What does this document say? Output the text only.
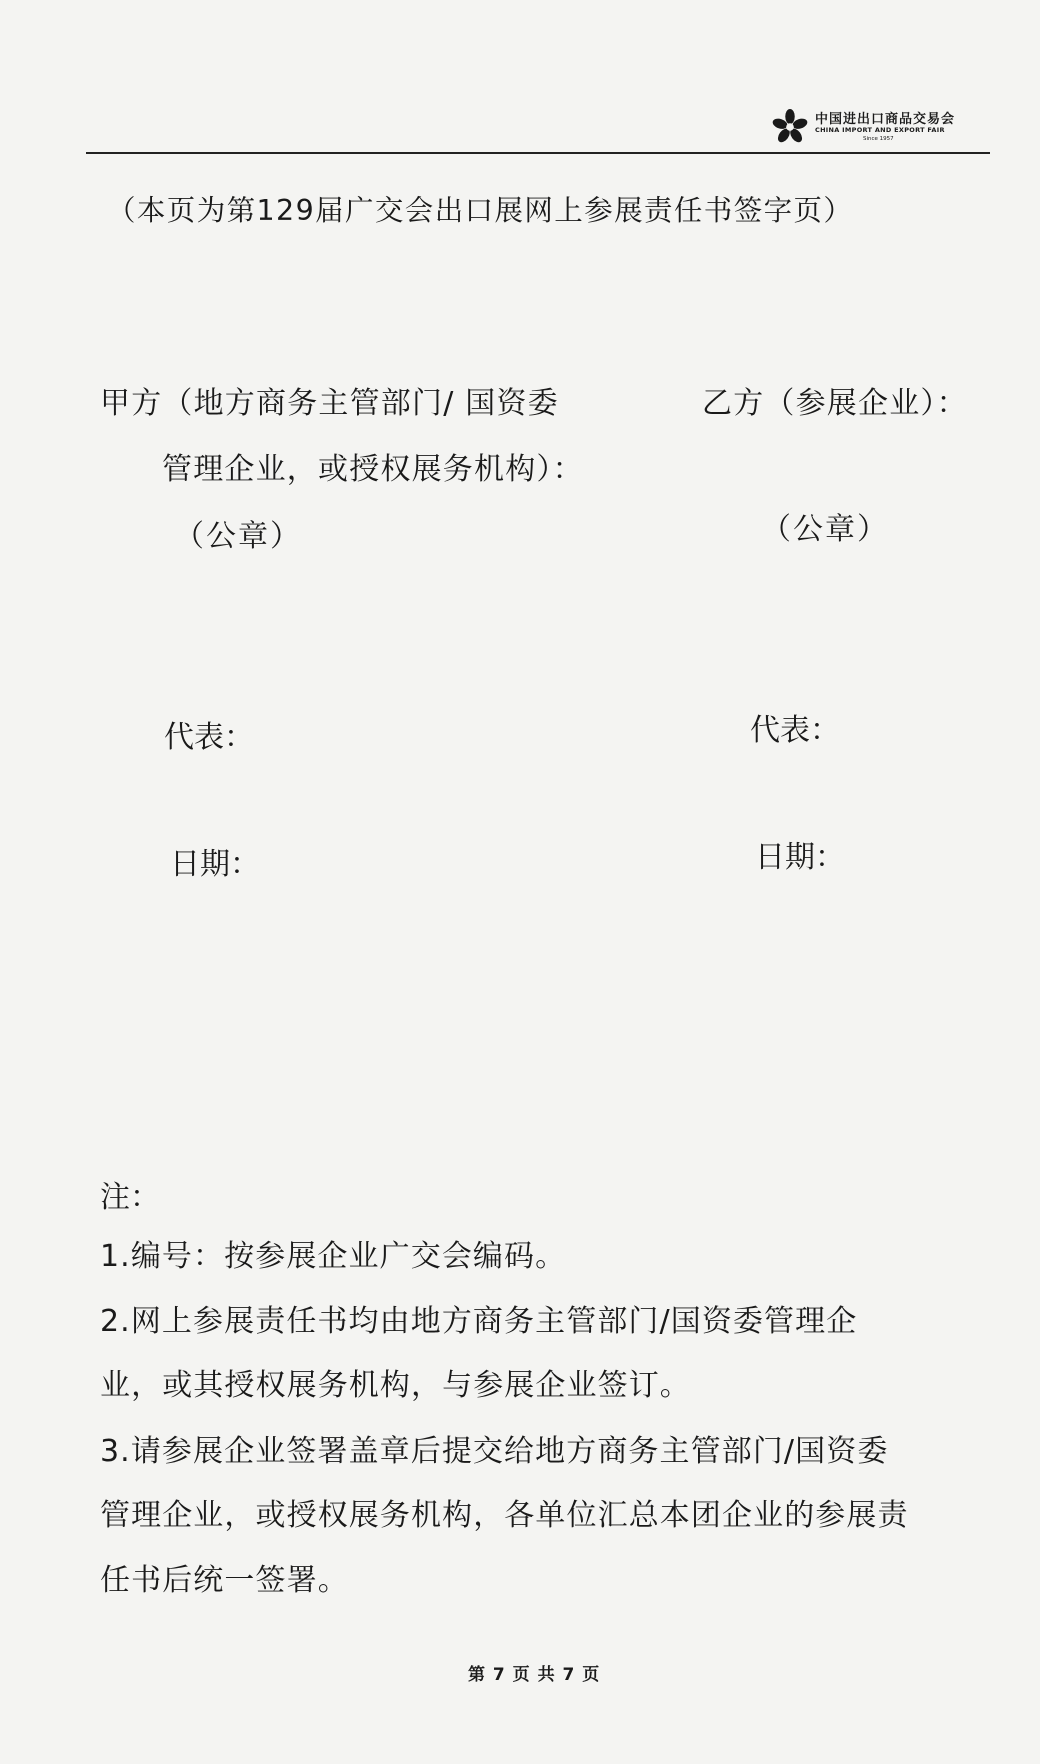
中国进出口商品交易会
CHINA IMPORT AND EXPORT FAIR
Since 1957
（本页为第129届广交会出口展网上参展责任书签字页）
甲方（地方商务主管部门/ 国资委
管理企业，或授权展务机构）：
（公章）
乙方（参展企业）：
（公章）
代表：	代表：
日期：	日期：
注：
1.编号：按参展企业广交会编码。
2.网上参展责任书均由地方商务主管部门/国资委管理企
业，或其授权展务机构，与参展企业签订。
3.请参展企业签署盖章后提交给地方商务主管部门/国资委
管理企业，或授权展务机构，各单位汇总本团企业的参展责
任书后统一签署。
第 7 页 共 7 页
